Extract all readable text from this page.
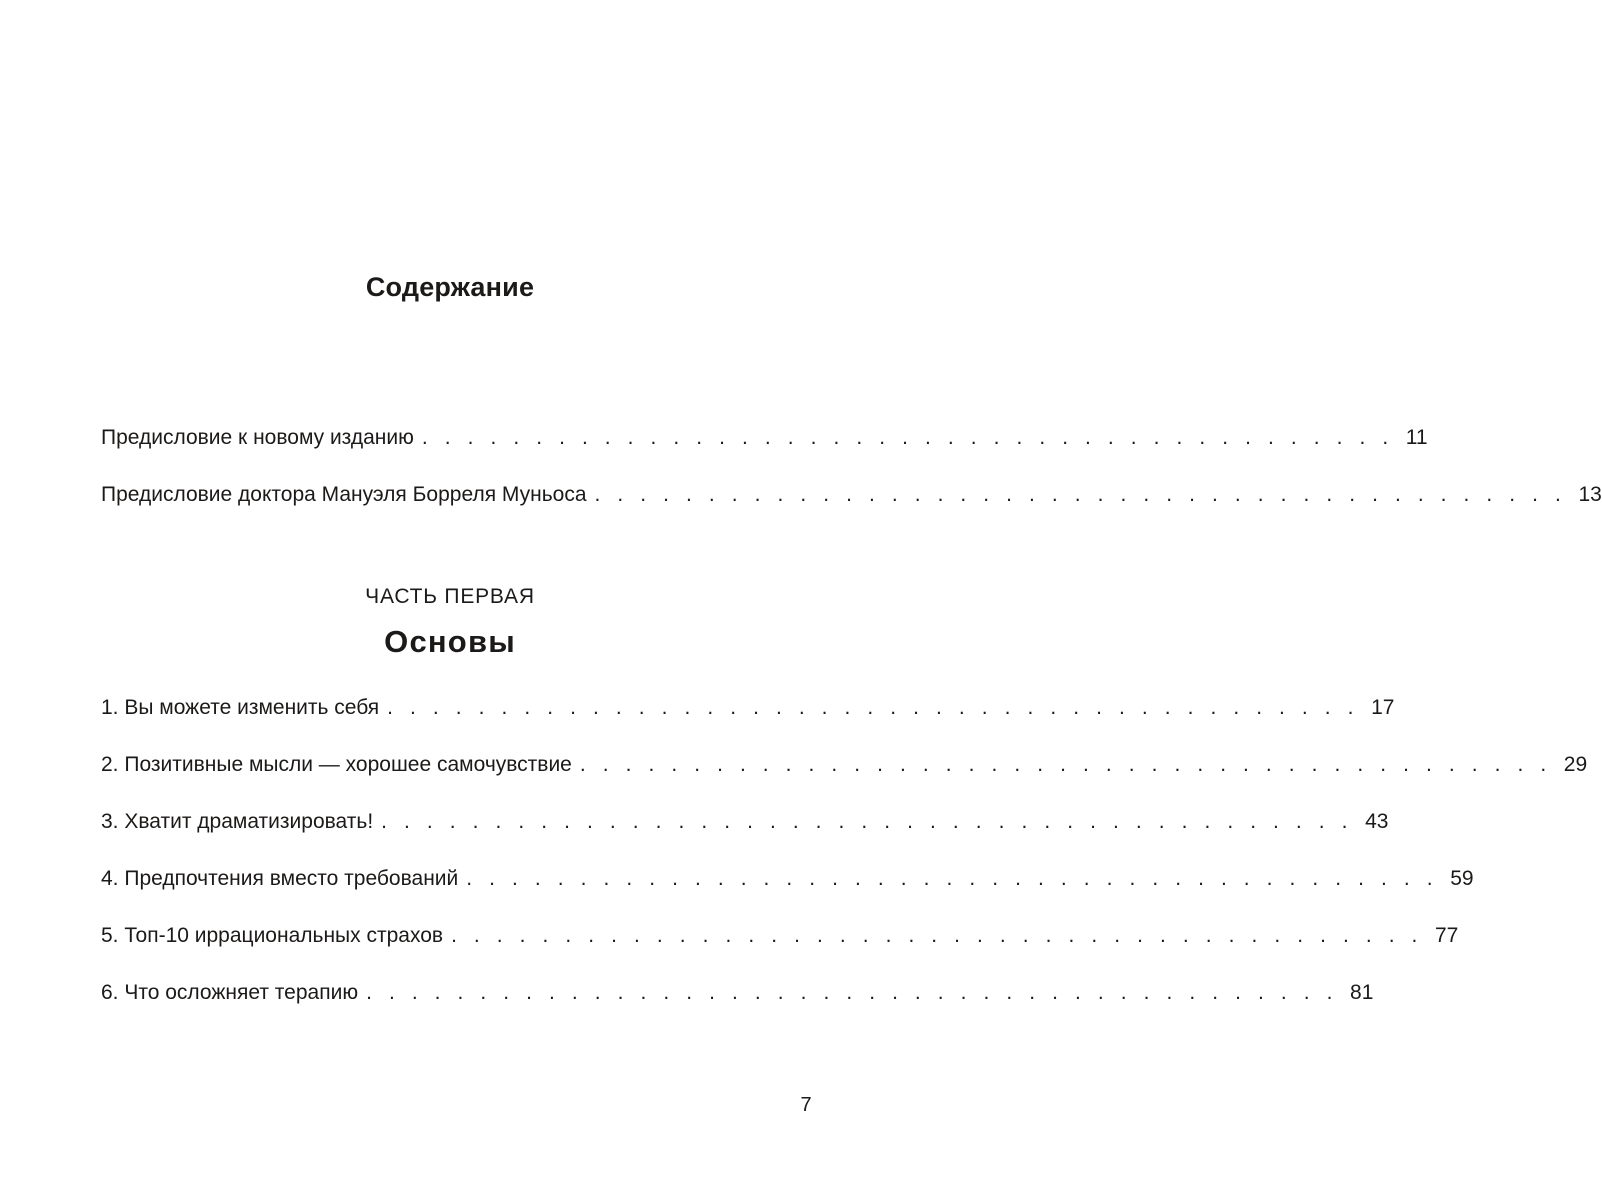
Содержание
Предисловие к новому изданию . . . . . . . . . . . . . . . . . . . . . . . . . . . . . . . . . . . . . . . . . . . 11
Предисловие доктора Мануэля Борреля Муньоса . . . . . . . . . . . . . . . . . . . . . . . . . . . . . . . . . . . . . . . . . . . 13
ЧАСТЬ ПЕРВАЯ
Основы
1. Вы можете изменить себя . . . . . . . . . . . . . . . . . . . . . . . . . . . . . . . . . . . . . . . . . . . 17
2. Позитивные мысли — хорошее самочувствие . . . . . . . . . . . . . . . . . . . . . . . . . . . . . . . . . . . . . . . . . . . 29
3. Хватит драматизировать! . . . . . . . . . . . . . . . . . . . . . . . . . . . . . . . . . . . . . . . . . . . 43
4. Предпочтения вместо требований . . . . . . . . . . . . . . . . . . . . . . . . . . . . . . . . . . . . . . . . . . . 59
5. Топ-10 иррациональных страхов . . . . . . . . . . . . . . . . . . . . . . . . . . . . . . . . . . . . . . . . . . . 77
6. Что осложняет терапию . . . . . . . . . . . . . . . . . . . . . . . . . . . . . . . . . . . . . . . . . . . 81
7
